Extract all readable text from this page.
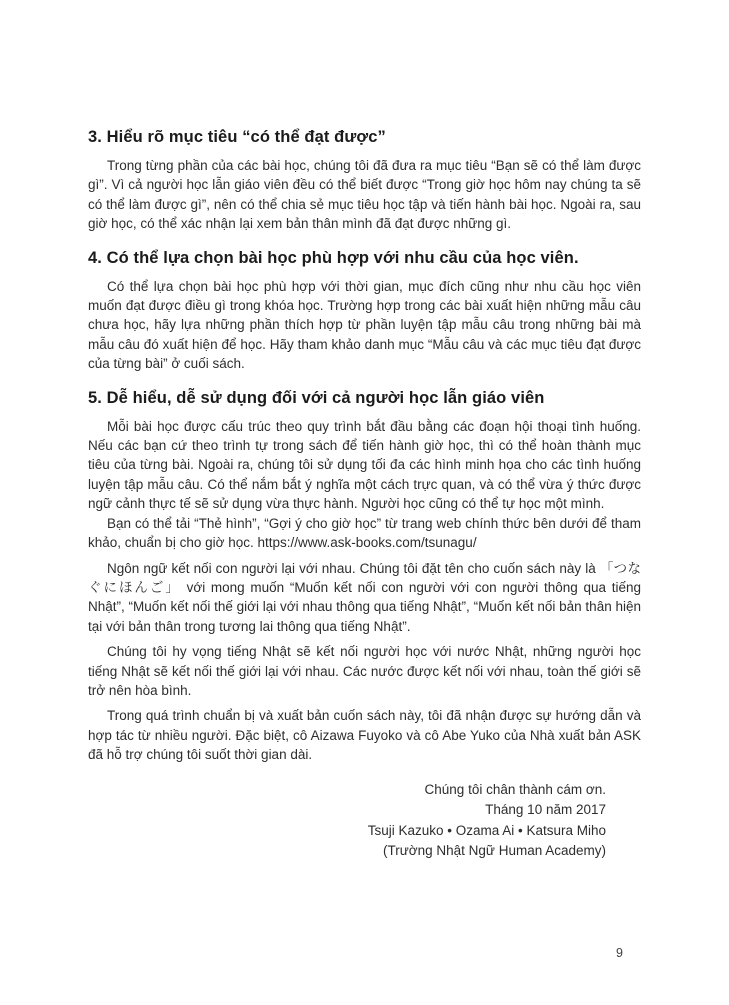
3. Hiểu rõ mục tiêu “có thể đạt được”

Trong từng phần của các bài học, chúng tôi đã đưa ra mục tiêu “Bạn sẽ có thể làm được gì”. Vì cả người học lẫn giáo viên đều có thể biết được “Trong giờ học hôm nay chúng ta sẽ có thể làm được gì”, nên có thể chia sẻ mục tiêu học tập và tiến hành bài học. Ngoài ra, sau giờ học, có thể xác nhận lại xem bản thân mình đã đạt được những gì.

4. Có thể lựa chọn bài học phù hợp với nhu cầu của học viên.

Có thể lựa chọn bài học phù hợp với thời gian, mục đích cũng như nhu cầu học viên muốn đạt được điều gì trong khóa học. Trường hợp trong các bài xuất hiện những mẫu câu chưa học, hãy lựa những phần thích hợp từ phần luyện tập mẫu câu trong những bài mà mẫu câu đó xuất hiện để học. Hãy tham khảo danh mục “Mẫu câu và các mục tiêu đạt được của từng bài” ở cuối sách.

5. Dễ hiểu, dễ sử dụng đối với cả người học lẫn giáo viên

Mỗi bài học được cấu trúc theo quy trình bắt đầu bằng các đoạn hội thoại tình huống. Nếu các bạn cứ theo trình tự trong sách để tiến hành giờ học, thì có thể hoàn thành mục tiêu của từng bài. Ngoài ra, chúng tôi sử dụng tối đa các hình minh họa cho các tình huống luyện tập mẫu câu. Có thể nắm bắt ý nghĩa một cách trực quan, và có thể vừa ý thức được ngữ cảnh thực tế sẽ sử dụng vừa thực hành. Người học cũng có thể tự học một mình.

Bạn có thể tải “Thẻ hình”, “Gợi ý cho giờ học” từ trang web chính thức bên dưới để tham khảo, chuẩn bị cho giờ học. https://www.ask-books.com/tsunagu/

Ngôn ngữ kết nối con người lại với nhau. Chúng tôi đặt tên cho cuốn sách này là 「つなぐにほんご」 với mong muốn “Muốn kết nối con người với con người thông qua tiếng Nhật”, “Muốn kết nối thế giới lại với nhau thông qua tiếng Nhật”, “Muốn kết nối bản thân hiện tại với bản thân trong tương lai thông qua tiếng Nhật”.

Chúng tôi hy vọng tiếng Nhật sẽ kết nối người học với nước Nhật, những người học tiếng Nhật sẽ kết nối thế giới lại với nhau. Các nước được kết nối với nhau, toàn thế giới sẽ trở nên hòa bình.

Trong quá trình chuẩn bị và xuất bản cuốn sách này, tôi đã nhận được sự hướng dẫn và hợp tác từ nhiều người. Đặc biệt, cô Aizawa Fuyoko và cô Abe Yuko của Nhà xuất bản ASK đã hỗ trợ chúng tôi suốt thời gian dài.

Chúng tôi chân thành cám ơn.
Tháng 10 năm 2017
Tsuji Kazuko • Ozama Ai • Katsura Miho
(Trường Nhật Ngữ Human Academy)
9
